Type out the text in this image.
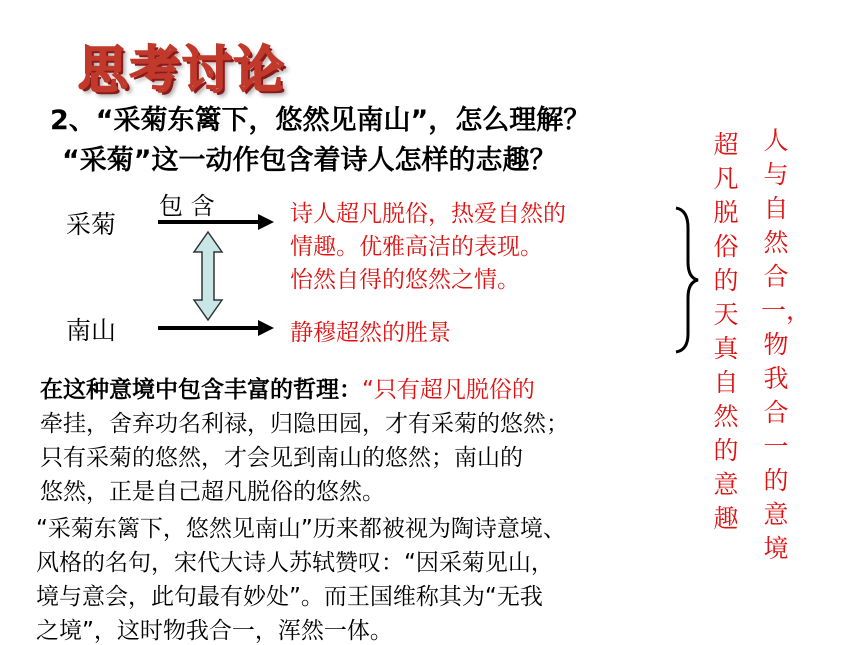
思考讨论
2、“采菊东篱下，悠然见南山”，怎么理解？
“采菊”这一动作包含着诗人怎样的志趣？
采菊
包 含
南山
诗人超凡脱俗，热爱自然的
情趣。优雅高洁的表现。
怡然自得的悠然之情。
静穆超然的胜景
超凡脱俗的天真自然的意趣
人与自然合一，物我合一的意境
在这种意境中包含丰富的哲理：“只有超凡脱俗的
牵挂，舍弃功名利禄，归隐田园，才有采菊的悠然；
只有采菊的悠然，才会见到南山的悠然；南山的
悠然，正是自己超凡脱俗的悠然。
“采菊东篱下，悠然见南山”历来都被视为陶诗意境、
风格的名句，宋代大诗人苏轼赞叹：“因采菊见山，
境与意会，此句最有妙处”。而王国维称其为“无我
之境”，这时物我合一，浑然一体。
